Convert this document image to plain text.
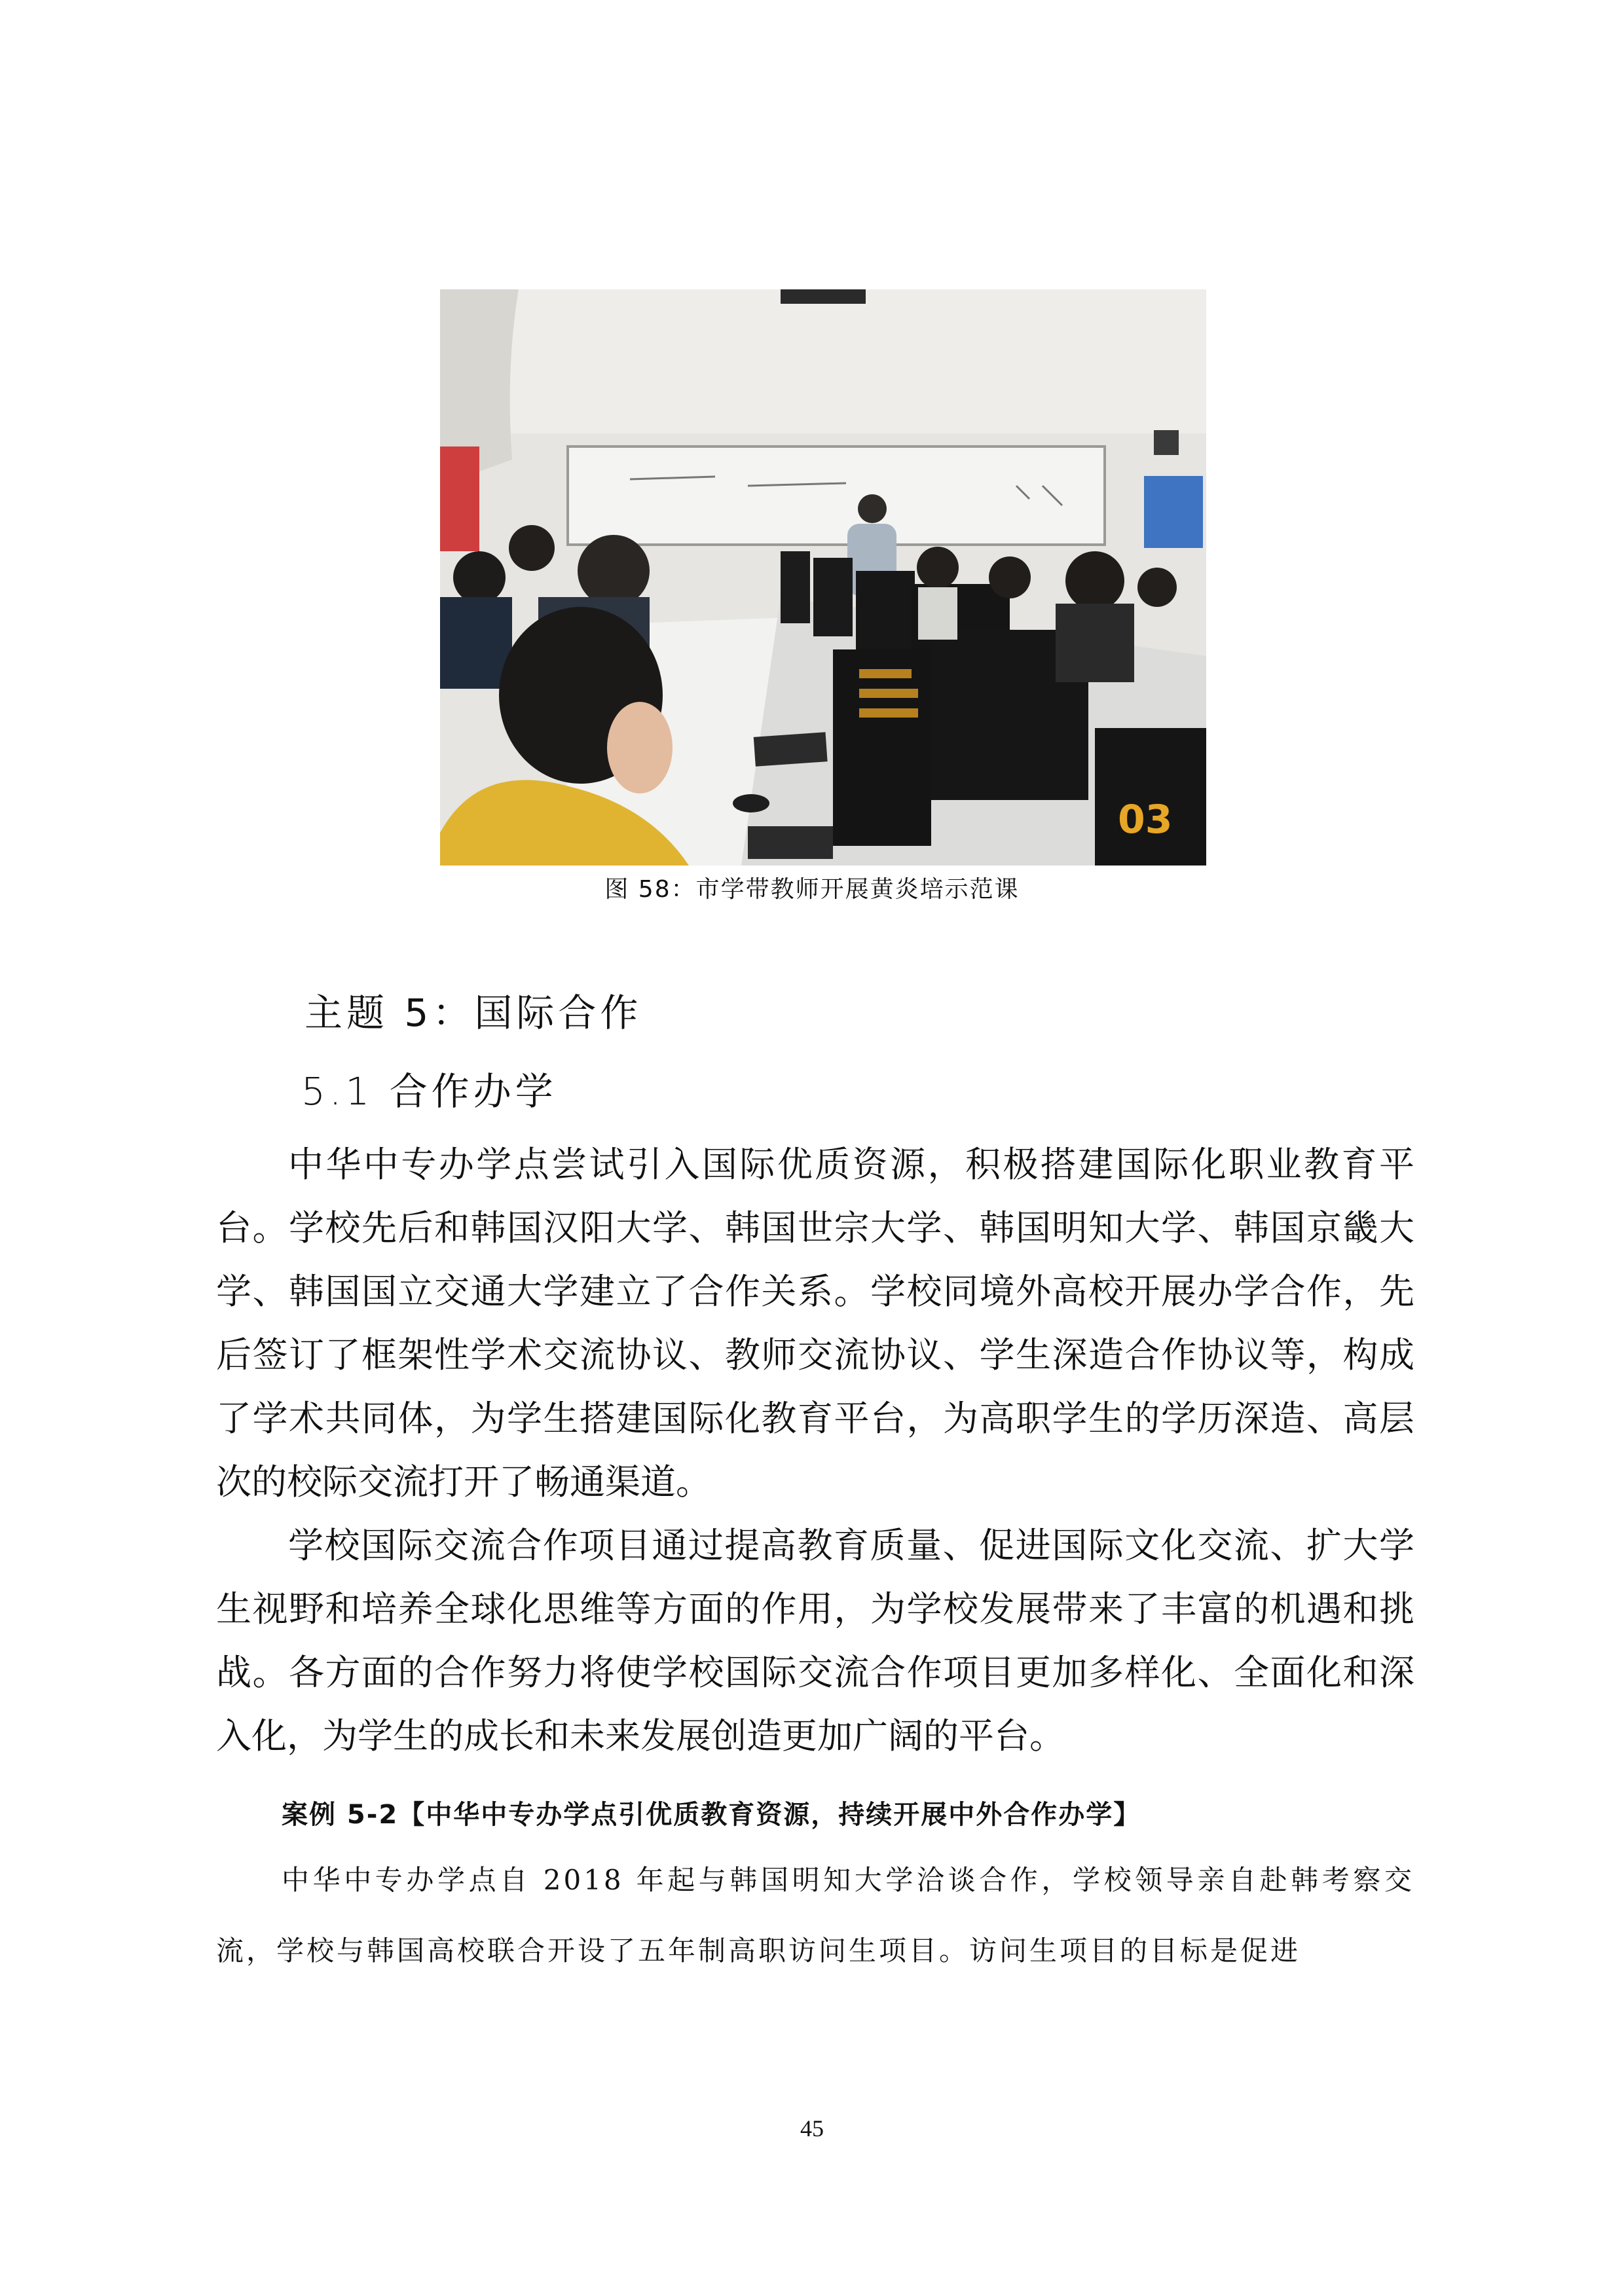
03
图 58：市学带教师开展黄炎培示范课
主题 5：国际合作
5.1 合作办学

中华中专办学点尝试引入国际优质资源，积极搭建国际化职业教育平台。学校先后和韩国汉阳大学、韩国世宗大学、韩国明知大学、韩国京畿大学、韩国国立交通大学建立了合作关系。学校同境外高校开展办学合作，先后签订了框架性学术交流协议、教师交流协议、学生深造合作协议等，构成了学术共同体，为学生搭建国际化教育平台，为高职学生的学历深造、高层次的校际交流打开了畅通渠道。

学校国际交流合作项目通过提高教育质量、促进国际文化交流、扩大学生视野和培养全球化思维等方面的作用，为学校发展带来了丰富的机遇和挑战。各方面的合作努力将使学校国际交流合作项目更加多样化、全面化和深入化，为学生的成长和未来发展创造更加广阔的平台。

案例 5-2【中华中专办学点引优质教育资源，持续开展中外合作办学】

中华中专办学点自 2018 年起与韩国明知大学洽谈合作，学校领导亲自赴韩考察交流，学校与韩国高校联合开设了五年制高职访问生项目。访问生项目的目标是促进

45
